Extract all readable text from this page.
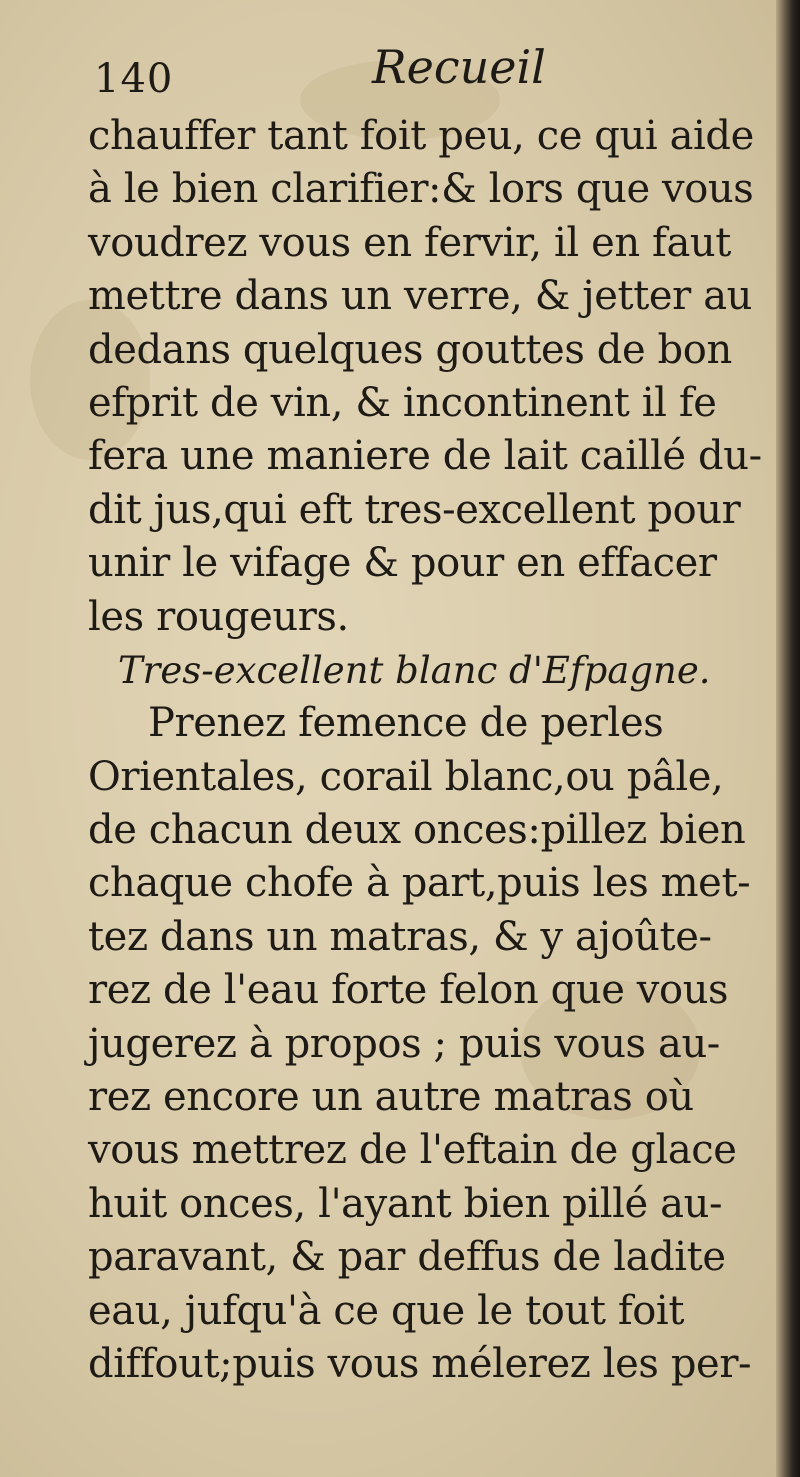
140	Recueil
chauffer tant foit peu, ce qui aide
à le bien clarifier:& lors que vous
voudrez vous en fervir, il en faut
mettre dans un verre, & jetter au
dedans quelques gouttes de bon
efprit de vin, & incontinent il fe
fera une maniere de lait caillé du-
dit jus,qui eft tres-excellent pour
unir le vifage & pour en effacer
les rougeurs.
Tres-excellent blanc d'Efpagne.
Prenez femence de perles
Orientales, corail blanc,ou pâle,
de chacun deux onces:pillez bien
chaque chofe à part,puis les met-
tez dans un matras, & y ajoûte-
rez de l'eau forte felon que vous
jugerez à propos ; puis vous au-
rez encore un autre matras où
vous mettrez de l'eftain de glace
huit onces, l'ayant bien pillé au-
paravant, & par deffus de ladite
eau, jufqu'à ce que le tout foit
diffout;puis vous mélerez les per-
